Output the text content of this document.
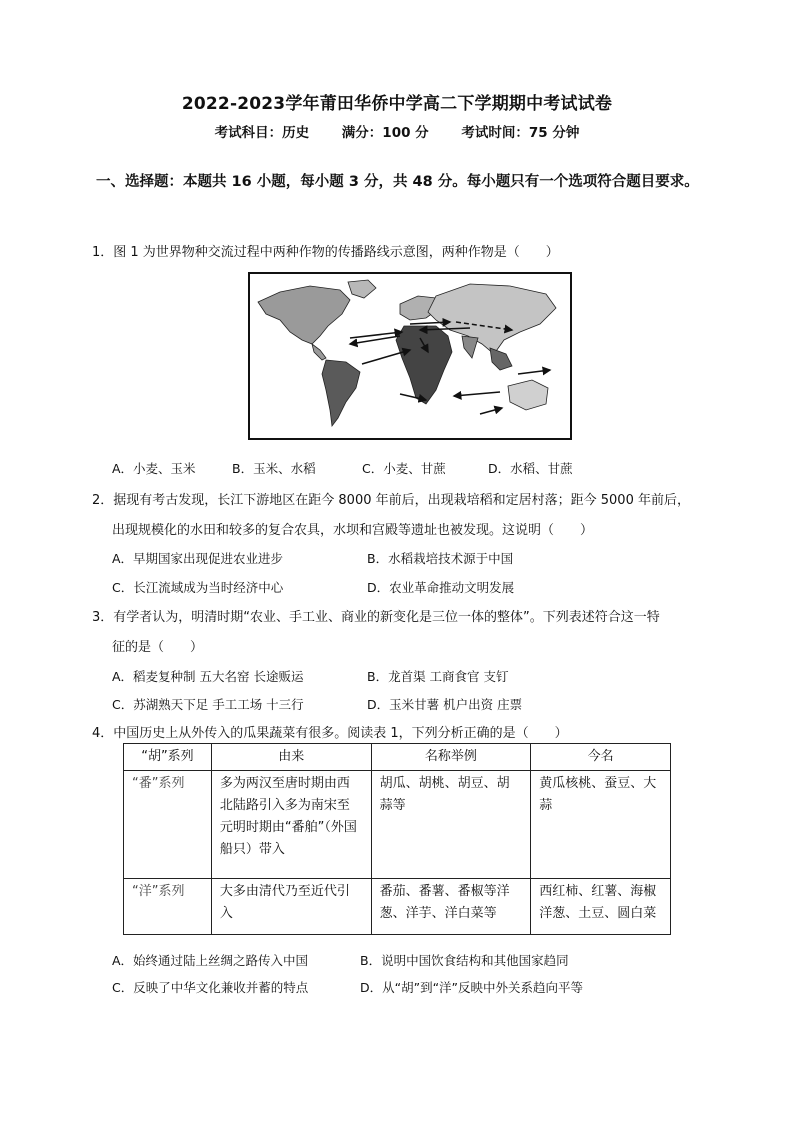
2022-2023学年莆田华侨中学高二下学期期中考试试卷
考试科目：历史 满分：100 分 考试时间：75 分钟
一、选择题：本题共 16 小题，每小题 3 分，共 48 分。每小题只有一个选项符合题目要求。
1．图 1 为世界物种交流过程中两种作物的传播路线示意图，两种作物是（　　）
A．小麦、玉米	B．玉米、水稻	C．小麦、甘蔗	D．水稻、甘蔗
2．据现有考古发现，长江下游地区在距今 8000 年前后，出现栽培稻和定居村落；距今 5000 年前后，
出现规模化的水田和较多的复合农具，水坝和宫殿等遗址也被发现。这说明（　　）
A．早期国家出现促进农业进步	B．水稻栽培技术源于中国
C．长江流域成为当时经济中心	D．农业革命推动文明发展
3．有学者认为，明清时期“农业、手工业、商业的新变化是三位一体的整体”。下列表述符合这一特
征的是（　　）
A．稻麦复种制 五大名窑 长途贩运	B．龙首渠 工商食官 支钉
C．苏湖熟天下足 手工工场 十三行	D．玉米甘薯 机户出资 庄票
4．中国历史上从外传入的瓜果蔬菜有很多。阅读表 1，下列分析正确的是（　　）
“胡”系列	由来	名称举例	今名
“番”系列	多为两汉至唐时期由西北陆路引入多为南宋至元明时期由“番舶”（外国船只）带入	胡瓜、胡桃、胡豆、胡蒜等	黄瓜核桃、蚕豆、大蒜
“洋”系列	大多由清代乃至近代引入	番茄、番薯、番椒等洋葱、洋芋、洋白菜等	西红柿、红薯、海椒洋葱、土豆、圆白菜
A．始终通过陆上丝绸之路传入中国	B．说明中国饮食结构和其他国家趋同
C．反映了中华文化兼收并蓄的特点	D．从“胡”到“洋”反映中外关系趋向平等
